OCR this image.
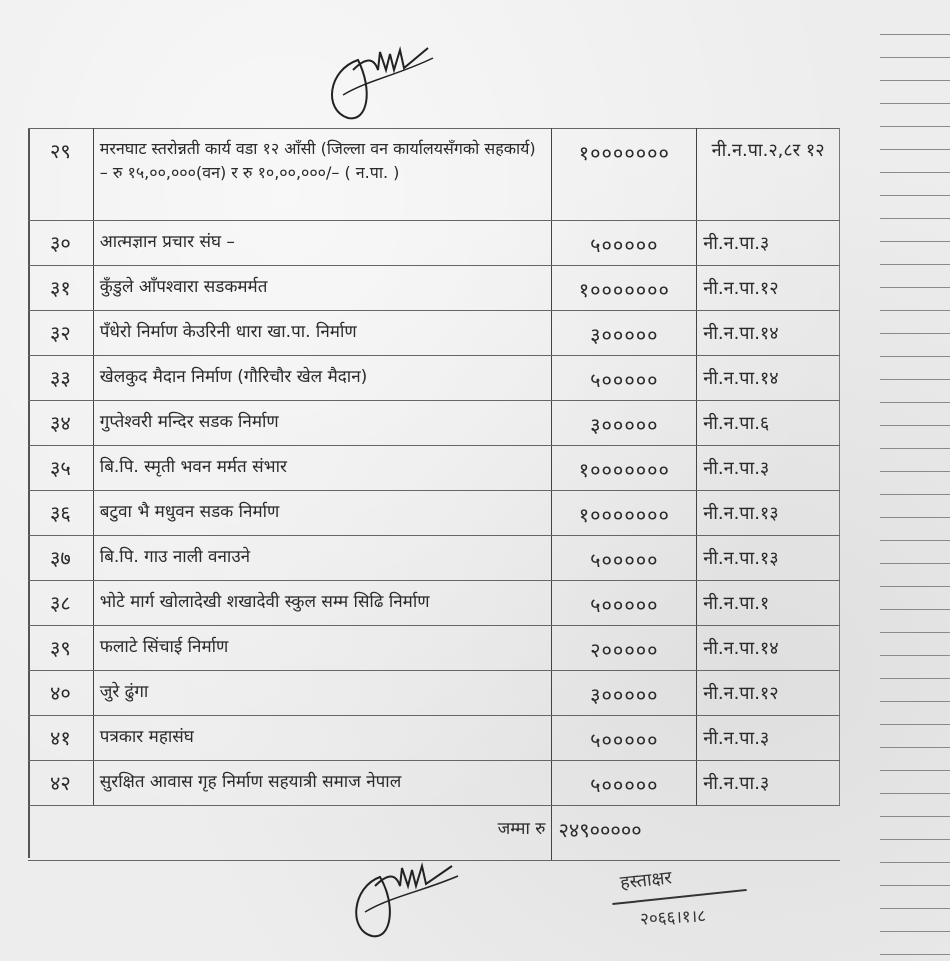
२९	मरनघाट स्तरोन्नती कार्य वडा १२ आँसी (जिल्ला वन कार्यालयसँगको सहकार्य) – रु १५,००,०००(वन) र रु १०,००,०००/– ( न.पा. )	१०००००००	नी.न.पा.२,८र १२
३०	आत्मज्ञान प्रचार संघ –	५०००००	नी.न.पा.३
३१	कुँडुले आँपश्वारा सडकमर्मत	१०००००००	नी.न.पा.१२
३२	पँधेरो निर्माण केउरिनी धारा खा.पा. निर्माण	३०००००	नी.न.पा.१४
३३	खेलकुद मैदान निर्माण (गौरिचौर खेल मैदान)	५०००००	नी.न.पा.१४
३४	गुप्तेश्वरी मन्दिर सडक निर्माण	३०००००	नी.न.पा.६
३५	बि.पि. स्मृती भवन मर्मत संभार	१०००००००	नी.न.पा.३
३६	बटुवा भै मधुवन सडक निर्माण	१०००००००	नी.न.पा.१३
३७	बि.पि. गाउ नाली वनाउने	५०००००	नी.न.पा.१३
३८	भोटे मार्ग खोलादेखी शखादेवी स्कुल सम्म सिढि निर्माण	५०००००	नी.न.पा.१
३९	फलाटे सिंचाई निर्माण	२०००००	नी.न.पा.१४
४०	जुरे ढुंगा	३०००००	नी.न.पा.१२
४१	पत्रकार महासंघ	५०००००	नी.न.पा.३
४२	सुरक्षित आवास गृह निर्माण सहयात्री समाज नेपाल	५०००००	नी.न.पा.३
जम्मा रु		२४९०००००	
हस्ताक्षर
२०६६।१।८
